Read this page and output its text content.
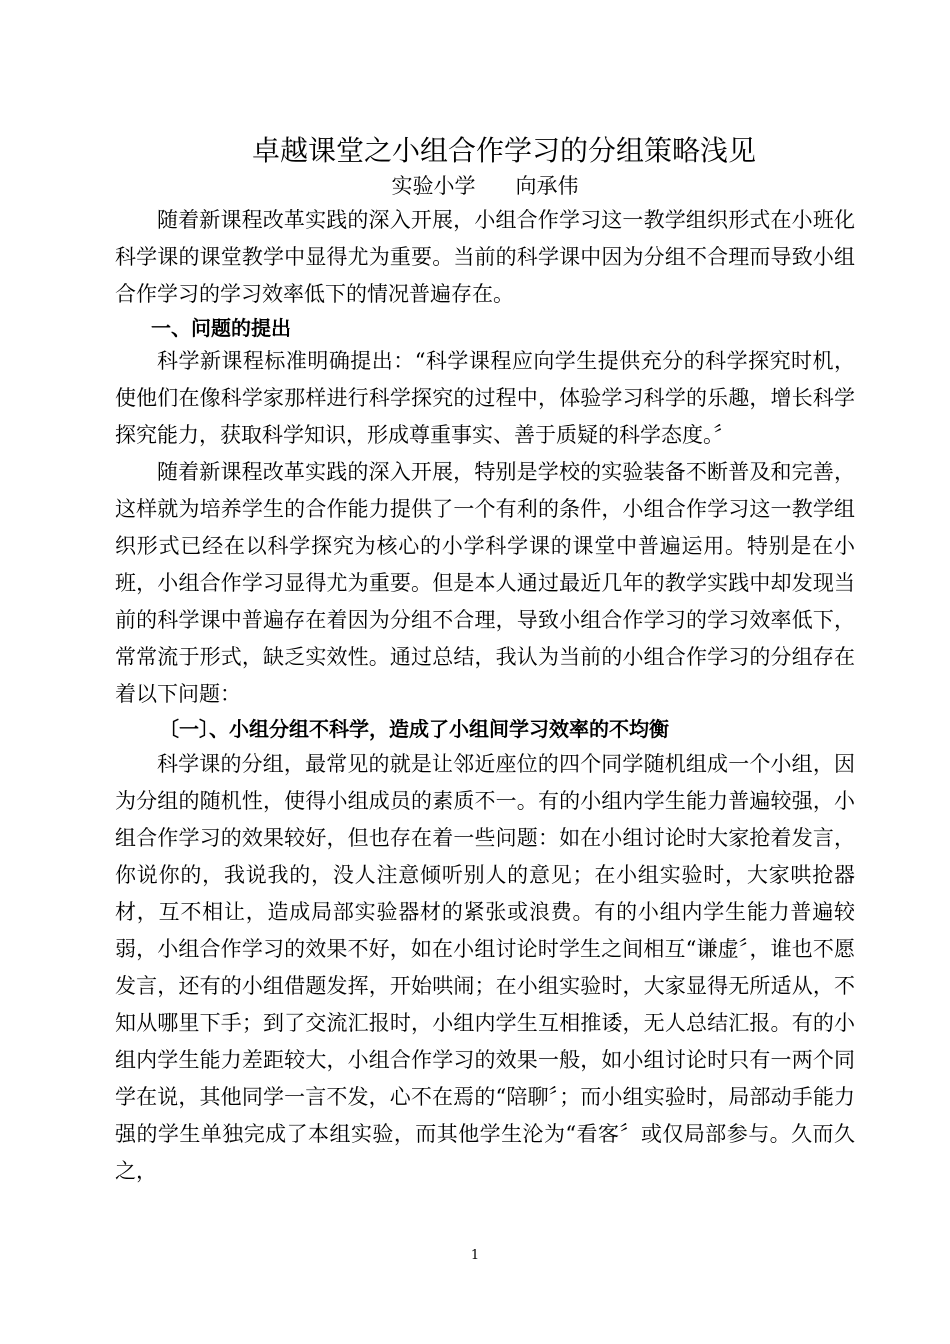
卓越课堂之小组合作学习的分组策略浅见
实验小学 向承伟

随着新课程改革实践的深入开展，小组合作学习这一教学组织形式在小班化科学课的课堂教学中显得尤为重要。当前的科学课中因为分组不合理而导致小组合作学习的学习效率低下的情况普遍存在。

一、问题的提出

科学新课程标准明确提出：“科学课程应向学生提供充分的科学探究时机，使他们在像科学家那样进行科学探究的过程中，体验学习科学的乐趣，增长科学探究能力，获取科学知识，形成尊重事实、善于质疑的科学态度。〞

随着新课程改革实践的深入开展，特别是学校的实验装备不断普及和完善，这样就为培养学生的合作能力提供了一个有利的条件，小组合作学习这一教学组织形式已经在以科学探究为核心的小学科学课的课堂中普遍运用。特别是在小班，小组合作学习显得尤为重要。但是本人通过最近几年的教学实践中却发现当前的科学课中普遍存在着因为分组不合理，导致小组合作学习的学习效率低下，常常流于形式，缺乏实效性。通过总结，我认为当前的小组合作学习的分组存在着以下问题：

〔一〕、小组分组不科学，造成了小组间学习效率的不均衡

科学课的分组，最常见的就是让邻近座位的四个同学随机组成一个小组，因为分组的随机性，使得小组成员的素质不一。有的小组内学生能力普遍较强，小组合作学习的效果较好，但也存在着一些问题：如在小组讨论时大家抢着发言，你说你的，我说我的，没人注意倾听别人的意见；在小组实验时，大家哄抢器材，互不相让，造成局部实验器材的紧张或浪费。有的小组内学生能力普遍较弱，小组合作学习的效果不好，如在小组讨论时学生之间相互“谦虚〞，谁也不愿发言，还有的小组借题发挥，开始哄闹；在小组实验时，大家显得无所适从，不知从哪里下手；到了交流汇报时，小组内学生互相推诿，无人总结汇报。有的小组内学生能力差距较大，小组合作学习的效果一般，如小组讨论时只有一两个同学在说，其他同学一言不发，心不在焉的“陪聊〞；而小组实验时，局部动手能力强的学生单独完成了本组实验，而其他学生沦为“看客〞或仅局部参与。久而久之，

1
